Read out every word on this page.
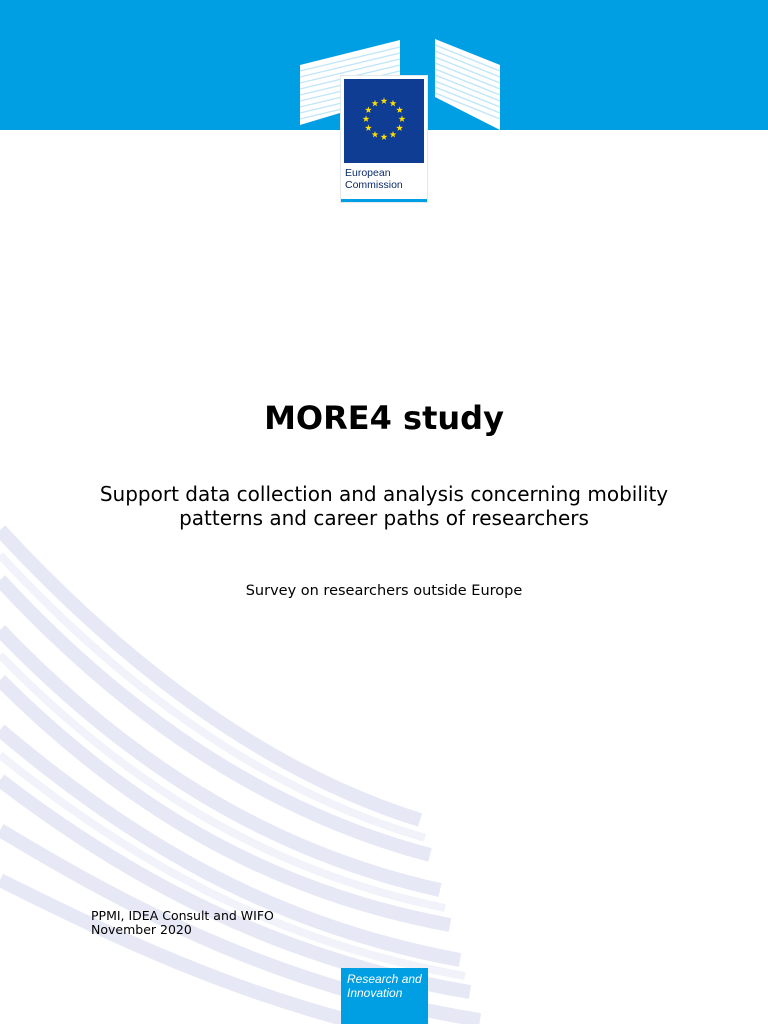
European
Commission
MORE4 study
Support data collection and analysis concerning mobility patterns and career paths of researchers
Survey on researchers outside Europe
PPMI, IDEA Consult and WIFO
November 2020
Research and
Innovation
